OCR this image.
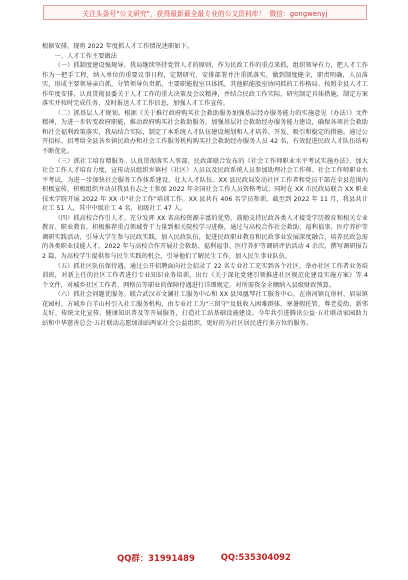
关注头条号"公文研究"，获得最新最全最专业的公文资料库！ 微信：gongwenyj

根据安排，现将 2022 年度抓人才工作情况述职如下。

一、人才工作主要做法

（一）抓制度建设强规导。我局继续坚持党管人才的原则，作为民政工作的重点来抓，组织领导有力，把人才工作作为一把手工程，纳入单位的重要议事日程，定期研究、安排部署并注重抓落实，做到制度健全，职责明确，人员落实，形成主要领导亲自抓，分管领导负责抓，主要职能股室具体抓，其他职能股室协同抓的工作格局。按照全县人才工作年度安排，认真贯彻县委关于人才工作的重大决策及会议精神，并结合民政工作实际，研究制定具体措施，制定方案落实并按时完成任务，及时报送人才工作信息，加强人才工作宣传。

（二）抓基层人才规划。根据《关于推行政府购买社会救助服务加强基层经办服务能力的实施意见（办法）》文件精神，为进一步转变政府职能，推动政府购买社会救助服务，加强基层社会救助经办服务能力建设，确保各项社会救助和社会福利政策落实，我局结合实际，制定了本系统人才队伍建设规划和人才培养、开发、吸引和稳定的措施。通过公开招标、招考给全县各乡镇民政办和社会工作服务机构购买社会救助经办服务人员 42 名，有效促进民政人才队伍结构不断优化。

（三）抓社工培育增服务。认真贯彻落实人事部、民政部联合发布的《社会工作师职业水平考试实施办法》，加大社会工作人才培育力度，宣传动员组织乡镇村（社区）人员以及民政系统人员参加助理社会工作师、社会工作师职业水平考试，为进一步加快社会服务工作体系建设，壮大人才队伍。XX 县民政局发动社区工作者和党员干部在全县范围内积极宣传，积极组织并动员我县有志之士参加 2022 年全国社会工作人员资格考试；同时在 XX 市民政局联合 XX 职业技术学院开展 2022 年 XX 市"社会工作"培训工作。XX 县共有 406 名学员参训，截至到 2022 年 11 月，我县共计社工 51 人，其中中级社工 4 名，初级社工 47 人。

（四）抓高校合作引人才。充分发挥 XX 省高校资源丰富的优势，鼓励支持民政各类人才接受学历教育和相关专业教育、职业教育，积极推荐重点领域骨干力量到相关院校学习进修，通过与高校合作社会救助、福利福事、医疗养护等调研实践活动，引导大学生参与民政实践，加入民政队伍，促进民政职业教育和民政事业发展深度融合，培养民政急需的各类职业技能人才。2022 年与高校合作开展社会救助、福利福事、医疗养护等调研评估活动 4 余次，撰写调研报告 2 篇，为高校学生提供参与民生实践的机会，引导他们了解民生工作，加入民生事业队伍。

（五）抓社区队伍保待遇。通过公开招聘面向社会招录了 22 名专业社工充实到各个社区，举办社区工作者业务培训班，对新上任的社区工作者进行专业知识业务培训，出台《关于深化党建引领推进社区规范化建设实施方案》等 4 个文件，对城乡社区工作者、网格员等职业的保障待遇进行详细规定。对所需资金全额纳入县级财政预算。

（六）抓社会问题优服务。联合武汉市文澜社工服务中心和 XX 县凤凰琴社工服务中心，在南河镇瓦房村、眉泉镇花园村、方城乡白羊山村引入社工服务机构，由专业社工为"三留守"及低收入困难群体、寒暑假托管、尊老爱幼、新邻友好、传统文化宣传、健康知识普及等开展服务，打造社工站基础设施建设。今年共引进腾讯公益·五社联动家园助力站和中华慈善总会·五社联动志愿加油站两家社会公益组织，更好的为社区居民进行多方位的服务。

QQ群：31991489	QQ:535304092
